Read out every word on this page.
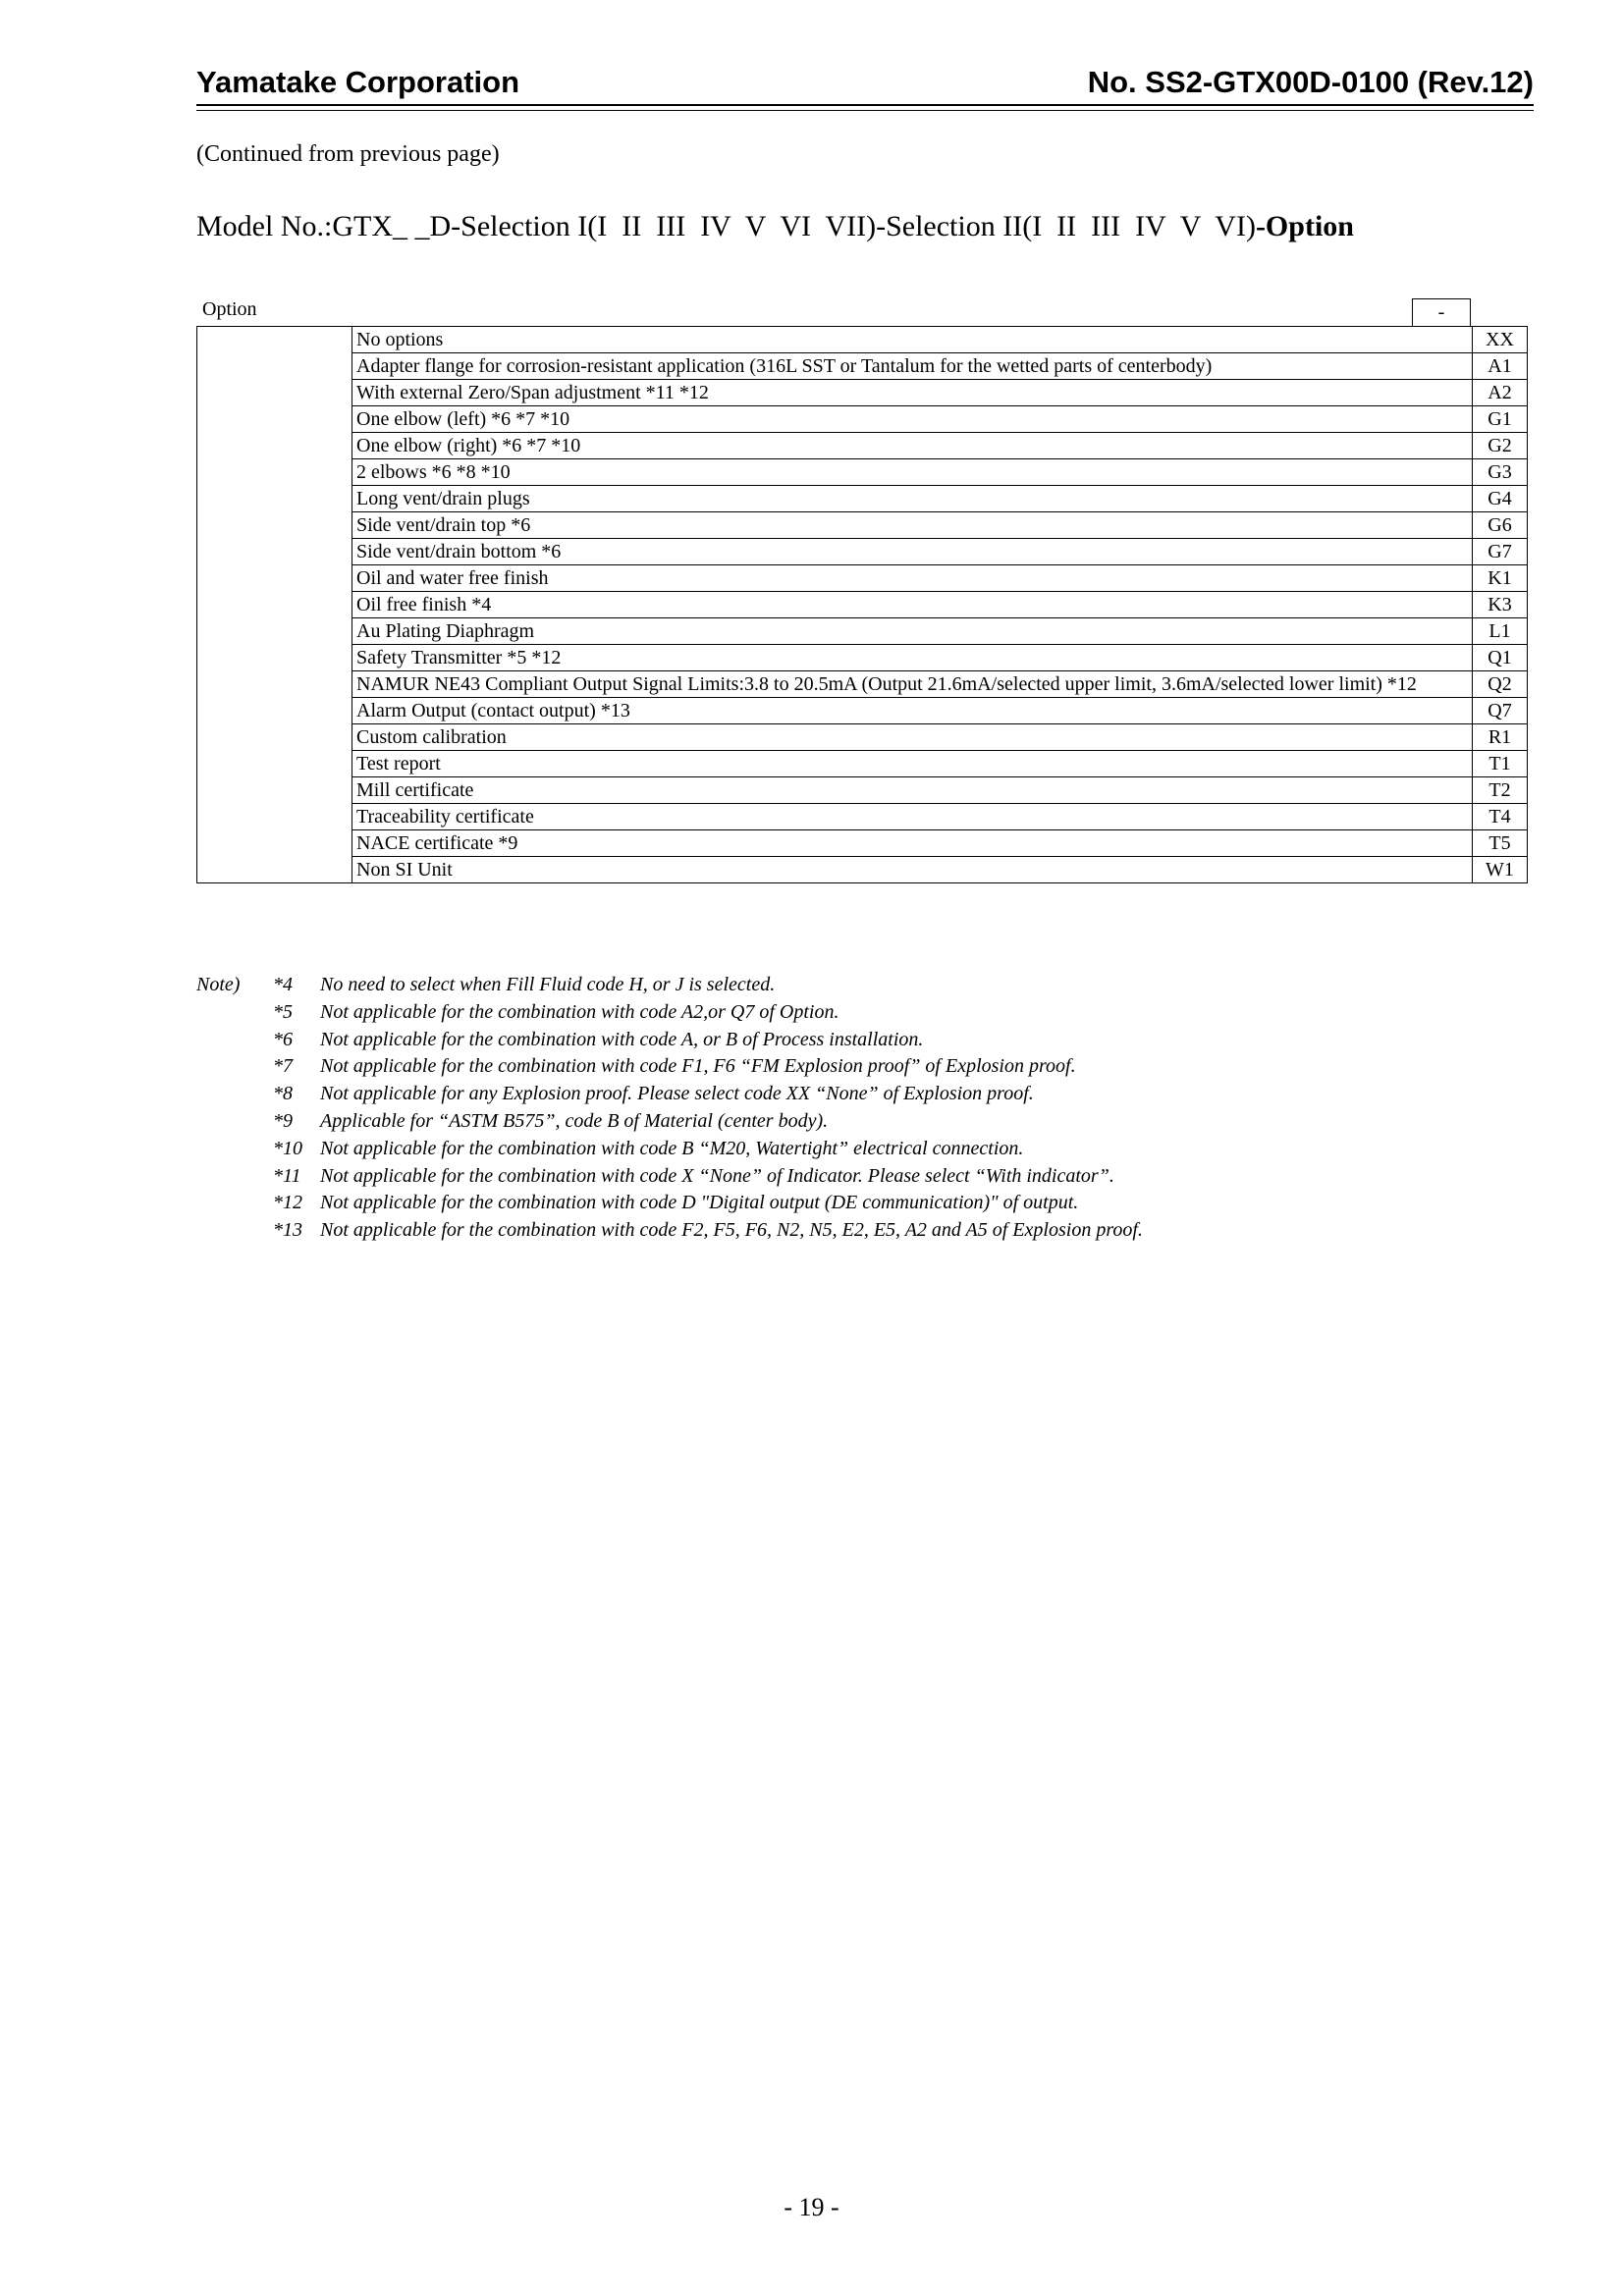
Yamatake Corporation	No. SS2-GTX00D-0100 (Rev.12)
(Continued from previous page)
Model No.:GTX_ _D-Selection I(I  II  III  IV  V  VI  VII)-Selection II(I  II  III  IV  V  VI)-Option
Option	-
No options	XX
Adapter flange for corrosion-resistant application (316L SST or Tantalum for the wetted parts of centerbody)	A1
With external Zero/Span adjustment *11 *12	A2
One elbow (left) *6 *7 *10	G1
One elbow (right) *6 *7 *10	G2
2 elbows *6 *8 *10	G3
Long vent/drain plugs	G4
Side vent/drain top *6	G6
Side vent/drain bottom *6	G7
Oil and water free finish	K1
Oil free finish *4	K3
Au Plating Diaphragm	L1
Safety Transmitter *5 *12	Q1
NAMUR NE43 Compliant Output Signal Limits:3.8 to 20.5mA (Output 21.6mA/selected upper limit, 3.6mA/selected lower limit) *12	Q2
Alarm Output (contact output) *13	Q7
Custom calibration	R1
Test report	T1
Mill certificate	T2
Traceability certificate	T4
NACE certificate *9	T5
Non SI Unit	W1
Note)	*4	No need to select when Fill Fluid code H, or J is selected.
*5	Not applicable for the combination with code A2,or Q7 of Option.
*6	Not applicable for the combination with code A, or B of Process installation.
*7	Not applicable for the combination with code F1, F6 “FM Explosion proof” of Explosion proof.
*8	Not applicable for any Explosion proof. Please select code XX “None” of Explosion proof.
*9	Applicable for “ASTM B575”, code B of Material (center body).
*10 Not applicable for the combination with code B “M20, Watertight” electrical connection.
*11 Not applicable for the combination with code X “None” of Indicator. Please select “With indicator”.
*12 Not applicable for the combination with code D "Digital output (DE communication)" of output.
*13 Not applicable for the combination with code F2, F5, F6, N2, N5, E2, E5, A2 and A5 of Explosion proof.
- 19 -
